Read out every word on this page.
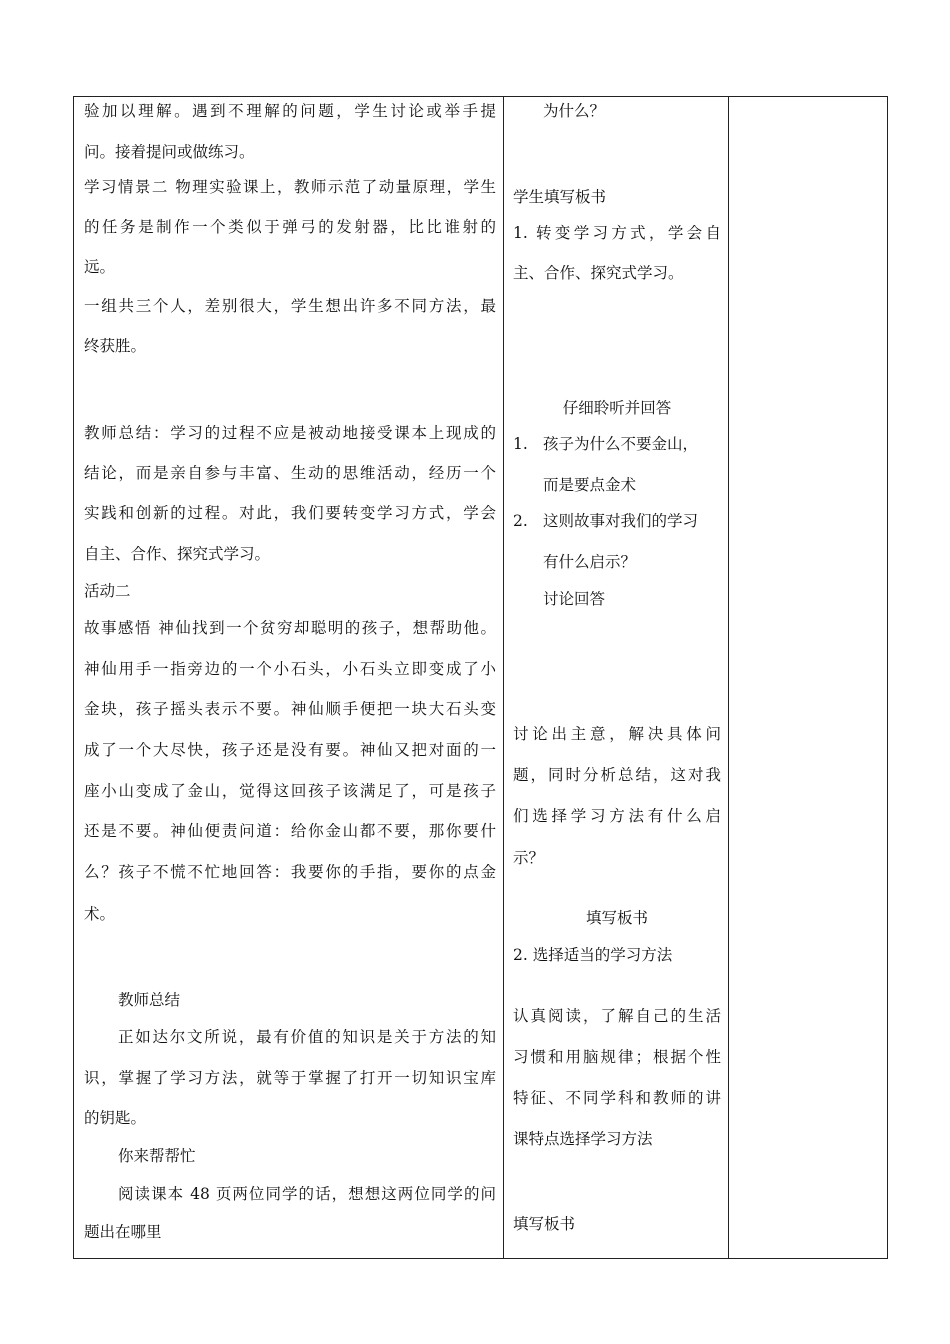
验加以理解。遇到不理解的问题，学生讨论或举手提
问。接着提问或做练习。
学习情景二 物理实验课上，教师示范了动量原理，学生
的任务是制作一个类似于弹弓的发射器，比比谁射的
远。
一组共三个人，差别很大，学生想出许多不同方法，最
终获胜。
教师总结：学习的过程不应是被动地接受课本上现成的
结论，而是亲自参与丰富、生动的思维活动，经历一个
实践和创新的过程。对此，我们要转变学习方式，学会
自主、合作、探究式学习。
活动二
故事感悟 神仙找到一个贫穷却聪明的孩子，想帮助他。
神仙用手一指旁边的一个小石头，小石头立即变成了小
金块，孩子摇头表示不要。神仙顺手便把一块大石头变
成了一个大尽快，孩子还是没有要。神仙又把对面的一
座小山变成了金山，觉得这回孩子该满足了，可是孩子
还是不要。神仙便责问道：给你金山都不要，那你要什
么？孩子不慌不忙地回答：我要你的手指，要你的点金
术。
教师总结
正如达尔文所说，最有价值的知识是关于方法的知
识，掌握了学习方法，就等于掌握了打开一切知识宝库
的钥匙。
你来帮帮忙
阅读课本 48 页两位同学的话，想想这两位同学的问
题出在哪里

为什么？
学生填写板书
1. 转变学习方式，学会自
主、合作、探究式学习。
仔细聆听并回答
1. 孩子为什么不要金山，
而是要点金术
2. 这则故事对我们的学习
有什么启示？
讨论回答
讨论出主意，解决具体问
题，同时分析总结，这对我
们选择学习方法有什么启
示？
填写板书
2. 选择适当的学习方法
认真阅读，了解自己的生活
习惯和用脑规律；根据个性
特征、不同学科和教师的讲
课特点选择学习方法
填写板书
